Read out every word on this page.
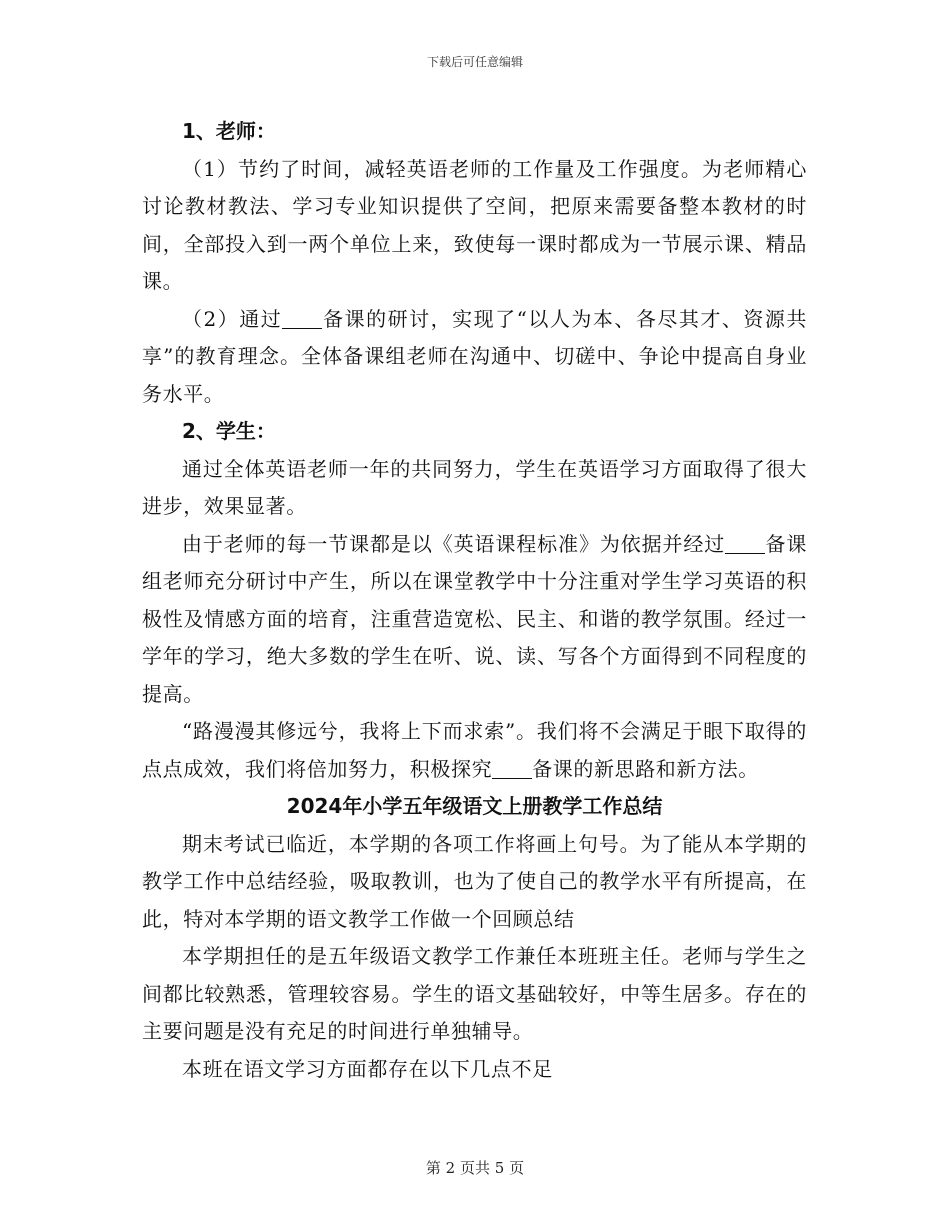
下载后可任意编辑

1、老师：

（1）节约了时间，减轻英语老师的工作量及工作强度。为老师精心讨论教材教法、学习专业知识提供了空间，把原来需要备整本教材的时间，全部投入到一两个单位上来，致使每一课时都成为一节展示课、精品课。

（2）通过 备课的研讨，实现了“以人为本、各尽其才、资源共享”的教育理念。全体备课组老师在沟通中、切磋中、争论中提高自身业务水平。

2、学生：

通过全体英语老师一年的共同努力，学生在英语学习方面取得了很大进步，效果显著。

由于老师的每一节课都是以《英语课程标准》为依据并经过 备课组老师充分研讨中产生，所以在课堂教学中十分注重对学生学习英语的积极性及情感方面的培育，注重营造宽松、民主、和谐的教学氛围。经过一学年的学习，绝大多数的学生在听、说、读、写各个方面得到不同程度的提高。

“路漫漫其修远兮，我将上下而求索”。我们将不会满足于眼下取得的点点成效，我们将倍加努力，积极探究 备课的新思路和新方法。

2024年小学五年级语文上册教学工作总结

期末考试已临近，本学期的各项工作将画上句号。为了能从本学期的教学工作中总结经验，吸取教训，也为了使自己的教学水平有所提高，在此，特对本学期的语文教学工作做一个回顾总结

本学期担任的是五年级语文教学工作兼任本班班主任。老师与学生之间都比较熟悉，管理较容易。学生的语文基础较好，中等生居多。存在的主要问题是没有充足的时间进行单独辅导。

本班在语文学习方面都存在以下几点不足

第 2 页共 5 页
